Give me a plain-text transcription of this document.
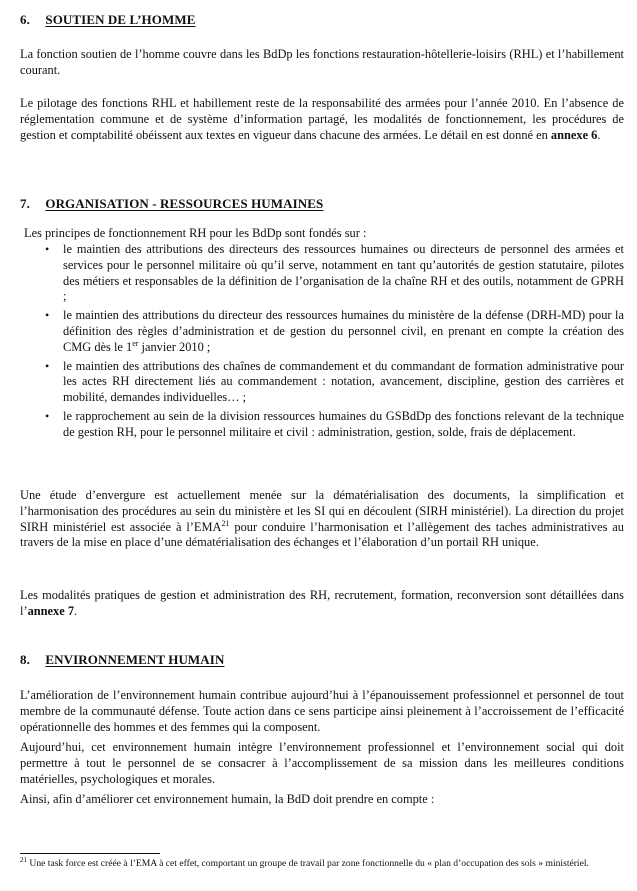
6. SOUTIEN DE L’HOMME

La fonction soutien de l’homme couvre dans les BdDp les fonctions restauration-hôtellerie-loisirs (RHL) et l’habillement courant.

Le pilotage des fonctions RHL et habillement reste de la responsabilité des armées pour l’année 2010. En l’absence de réglementation commune et de système d’information partagé, les modalités de fonctionnement, les procédures de gestion et comptabilité obéissent aux textes en vigueur dans chacune des armées. Le détail en est donné en annexe 6.

7. ORGANISATION - RESSOURCES HUMAINES

Les principes de fonctionnement RH pour les BdDp sont fondés sur :

• le maintien des attributions des directeurs des ressources humaines ou directeurs de personnel des armées et services pour le personnel militaire où qu’il serve, notamment en tant qu’autorités de gestion statutaire, pilotes des métiers et responsables de la définition de l’organisation de la chaîne RH et des outils, notamment de GPRH ;
• le maintien des attributions du directeur des ressources humaines du ministère de la défense (DRH-MD) pour la définition des règles d’administration et de gestion du personnel civil, en prenant en compte la création des CMG dès le 1er janvier 2010 ;
• le maintien des attributions des chaînes de commandement et du commandant de formation administrative pour les actes RH directement liés au commandement : notation, avancement, discipline, gestion des carrières et mobilité, demandes individuelles… ;
• le rapprochement au sein de la division ressources humaines du GSBdDp des fonctions relevant de la technique de gestion RH, pour le personnel militaire et civil : administration, gestion, solde, frais de déplacement.

Une étude d’envergure est actuellement menée sur la dématérialisation des documents, la simplification et l’harmonisation des procédures au sein du ministère et les SI qui en découlent (SIRH ministériel). La direction du projet SIRH ministériel est associée à l’EMA$^{21}$ pour conduire l’harmonisation et l’allègement des taches administratives au travers de la mise en place d’une dématérialisation des échanges et l’élaboration d’un portail RH unique.

Les modalités pratiques de gestion et administration des RH, recrutement, formation, reconversion sont détaillées dans l’annexe 7.

8. ENVIRONNEMENT HUMAIN

L’amélioration de l’environnement humain contribue aujourd’hui à l’épanouissement professionnel et personnel de tout membre de la communauté défense. Toute action dans ce sens participe ainsi pleinement à l’accroissement de l’efficacité opérationnelle des hommes et des femmes qui la composent.

Aujourd’hui, cet environnement humain intègre l’environnement professionnel et l’environnement social qui doit permettre à tout le personnel de se consacrer à l’accomplissement de sa mission dans les meilleures conditions matérielles, psychologiques et morales.

Ainsi, afin d’améliorer cet environnement humain, la BdD doit prendre en compte :

$^{21}$ Une task force est créée à l’EMA à cet effet, comportant un groupe de travail par zone fonctionnelle du « plan d’occupation des sols » ministériel.
